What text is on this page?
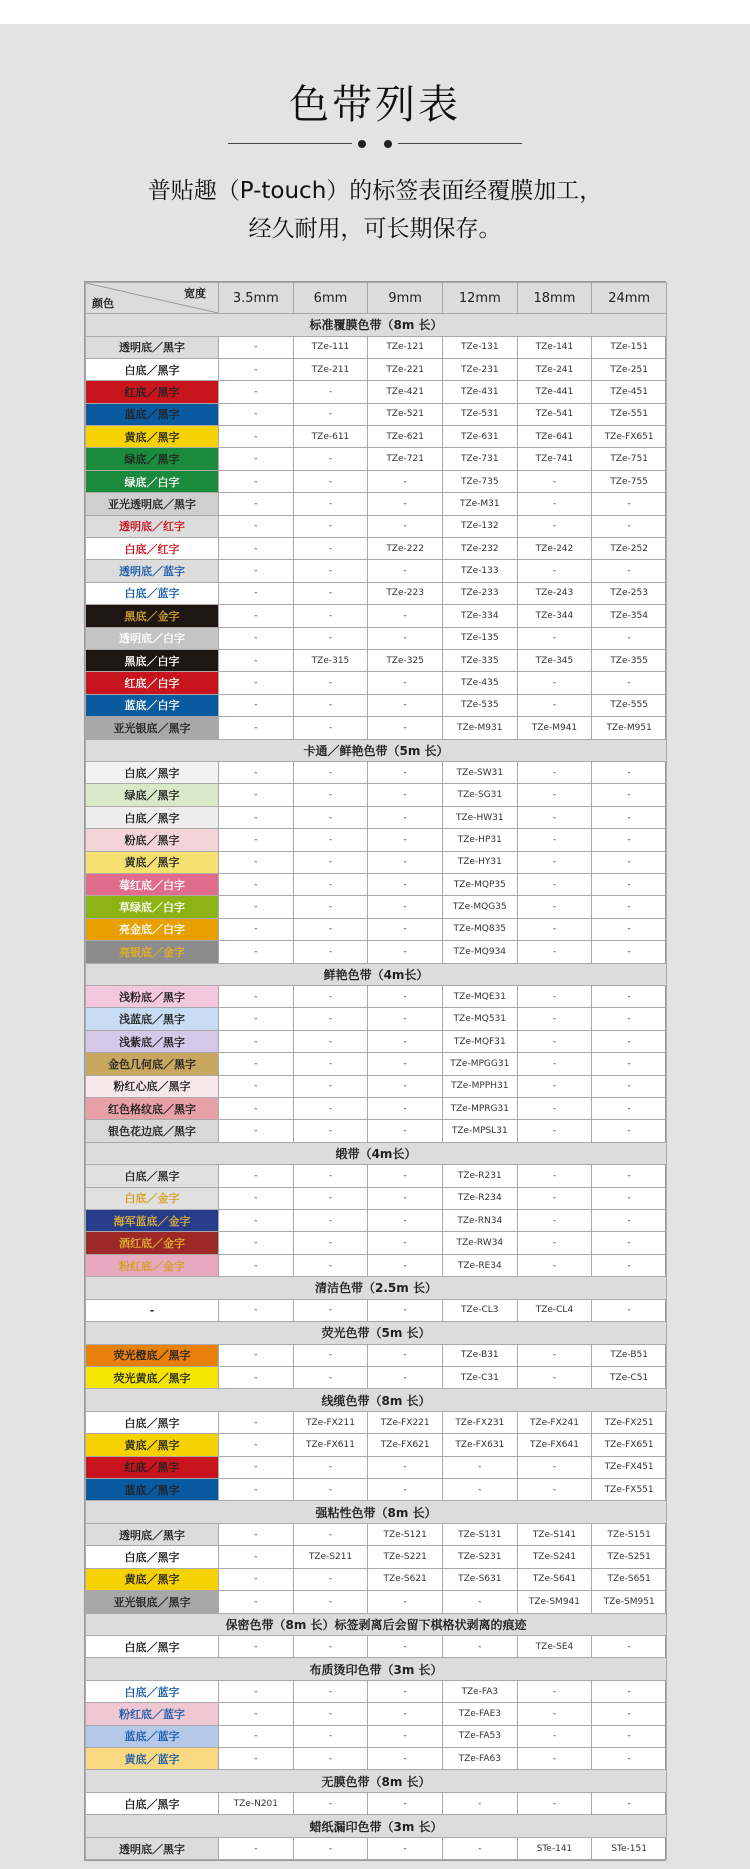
色带列表

普贴趣（P-touch）的标签表面经覆膜加工，

经久耐用，可长期保存。

宽度
颜色	3.5mm	6mm	9mm	12mm	18mm	24mm
标准覆膜色带（8m 长）						
透明底／黑字	-	TZe-111	TZe-121	TZe-131	TZe-141	TZe-151
白底／黑字	-	TZe-211	TZe-221	TZe-231	TZe-241	TZe-251
红底／黑字	-	-	TZe-421	TZe-431	TZe-441	TZe-451
蓝底／黑字	-	-	TZe-521	TZe-531	TZe-541	TZe-551
黄底／黑字	-	TZe-611	TZe-621	TZe-631	TZe-641	TZe-FX651
绿底／黑字	-	-	TZe-721	TZe-731	TZe-741	TZe-751
绿底／白字	-	-	-	TZe-735	-	TZe-755
亚光透明底／黑字	-	-	-	TZe-M31	-	-
透明底／红字	-	-	-	TZe-132	-	-
白底／红字	-	-	TZe-222	TZe-232	TZe-242	TZe-252
透明底／蓝字	-	-	-	TZe-133	-	-
白底／蓝字	-	-	TZe-223	TZe-233	TZe-243	TZe-253
黑底／金字	-	-	-	TZe-334	TZe-344	TZe-354
透明底／白字	-	-	-	TZe-135	-	-
黑底／白字	-	TZe-315	TZe-325	TZe-335	TZe-345	TZe-355
红底／白字	-	-	-	TZe-435	-	-
蓝底／白字	-	-	-	TZe-535	-	TZe-555
亚光银底／黑字	-	-	-	TZe-M931	TZe-M941	TZe-M951
卡通／鲜艳色带（5m 长）						
白底／黑字	-	-	-	TZe-SW31	-	-
绿底／黑字	-	-	-	TZe-SG31	-	-
白底／黑字	-	-	-	TZe-HW31	-	-
粉底／黑字	-	-	-	TZe-HP31	-	-
黄底／黑字	-	-	-	TZe-HY31	-	-
莓红底／白字	-	-	-	TZe-MQP35	-	-
草绿底／白字	-	-	-	TZe-MQG35	-	-
亮金底／白字	-	-	-	TZe-MQ835	-	-
亮银底／金字	-	-	-	TZe-MQ934	-	-
鲜艳色带（4m长）						
浅粉底／黑字	-	-	-	TZe-MQE31	-	-
浅蓝底／黑字	-	-	-	TZe-MQ531	-	-
浅紫底／黑字	-	-	-	TZe-MQF31	-	-
金色几何底／黑字	-	-	-	TZe-MPGG31	-	-
粉红心底／黑字	-	-	-	TZe-MPPH31	-	-
红色格纹底／黑字	-	-	-	TZe-MPRG31	-	-
银色花边底／黑字	-	-	-	TZe-MPSL31	-	-
缎带（4m长）						
白底／黑字	-	-	-	TZe-R231	-	-
白底／金字	-	-	-	TZe-R234	-	-
海军蓝底／金字	-	-	-	TZe-RN34	-	-
酒红底／金字	-	-	-	TZe-RW34	-	-
粉红底／金字	-	-	-	TZe-RE34	-	-
清洁色带（2.5m 长）						
-	-	-	-	TZe-CL3	TZe-CL4	-
荧光色带（5m 长）						
荧光橙底／黑字	-	-	-	TZe-B31	-	TZe-B51
荧光黄底／黑字	-	-	-	TZe-C31	-	TZe-C51
线缆色带（8m 长）						
白底／黑字	-	TZe-FX211	TZe-FX221	TZe-FX231	TZe-FX241	TZe-FX251
黄底／黑字	-	TZe-FX611	TZe-FX621	TZe-FX631	TZe-FX641	TZe-FX651
红底／黑字	-	-	-	-	-	TZe-FX451
蓝底／黑字	-	-	-	-	-	TZe-FX551
强粘性色带（8m 长）						
透明底／黑字	-	-	TZe-S121	TZe-S131	TZe-S141	TZe-S151
白底／黑字	-	TZe-S211	TZe-S221	TZe-S231	TZe-S241	TZe-S251
黄底／黑字	-	-	TZe-S621	TZe-S631	TZe-S641	TZe-S651
亚光银底／黑字	-	-	-	-	TZe-SM941	TZe-SM951
保密色带（8m 长）标签剥离后会留下棋格状剥离的痕迹						
白底／黑字	-	-	-	-	TZe-SE4	-
布质烫印色带（3m 长）						
白底／蓝字	-	-	-	TZe-FA3	-	-
粉红底／蓝字	-	-	-	TZe-FAE3	-	-
蓝底／蓝字	-	-	-	TZe-FA53	-	-
黄底／蓝字	-	-	-	TZe-FA63	-	-
无膜色带（8m 长）						
白底／黑字	TZe-N201	-	-	-	-	-
蜡纸漏印色带（3m 长）						
透明底／黑字	-	-	-	-	STe-141	STe-151
